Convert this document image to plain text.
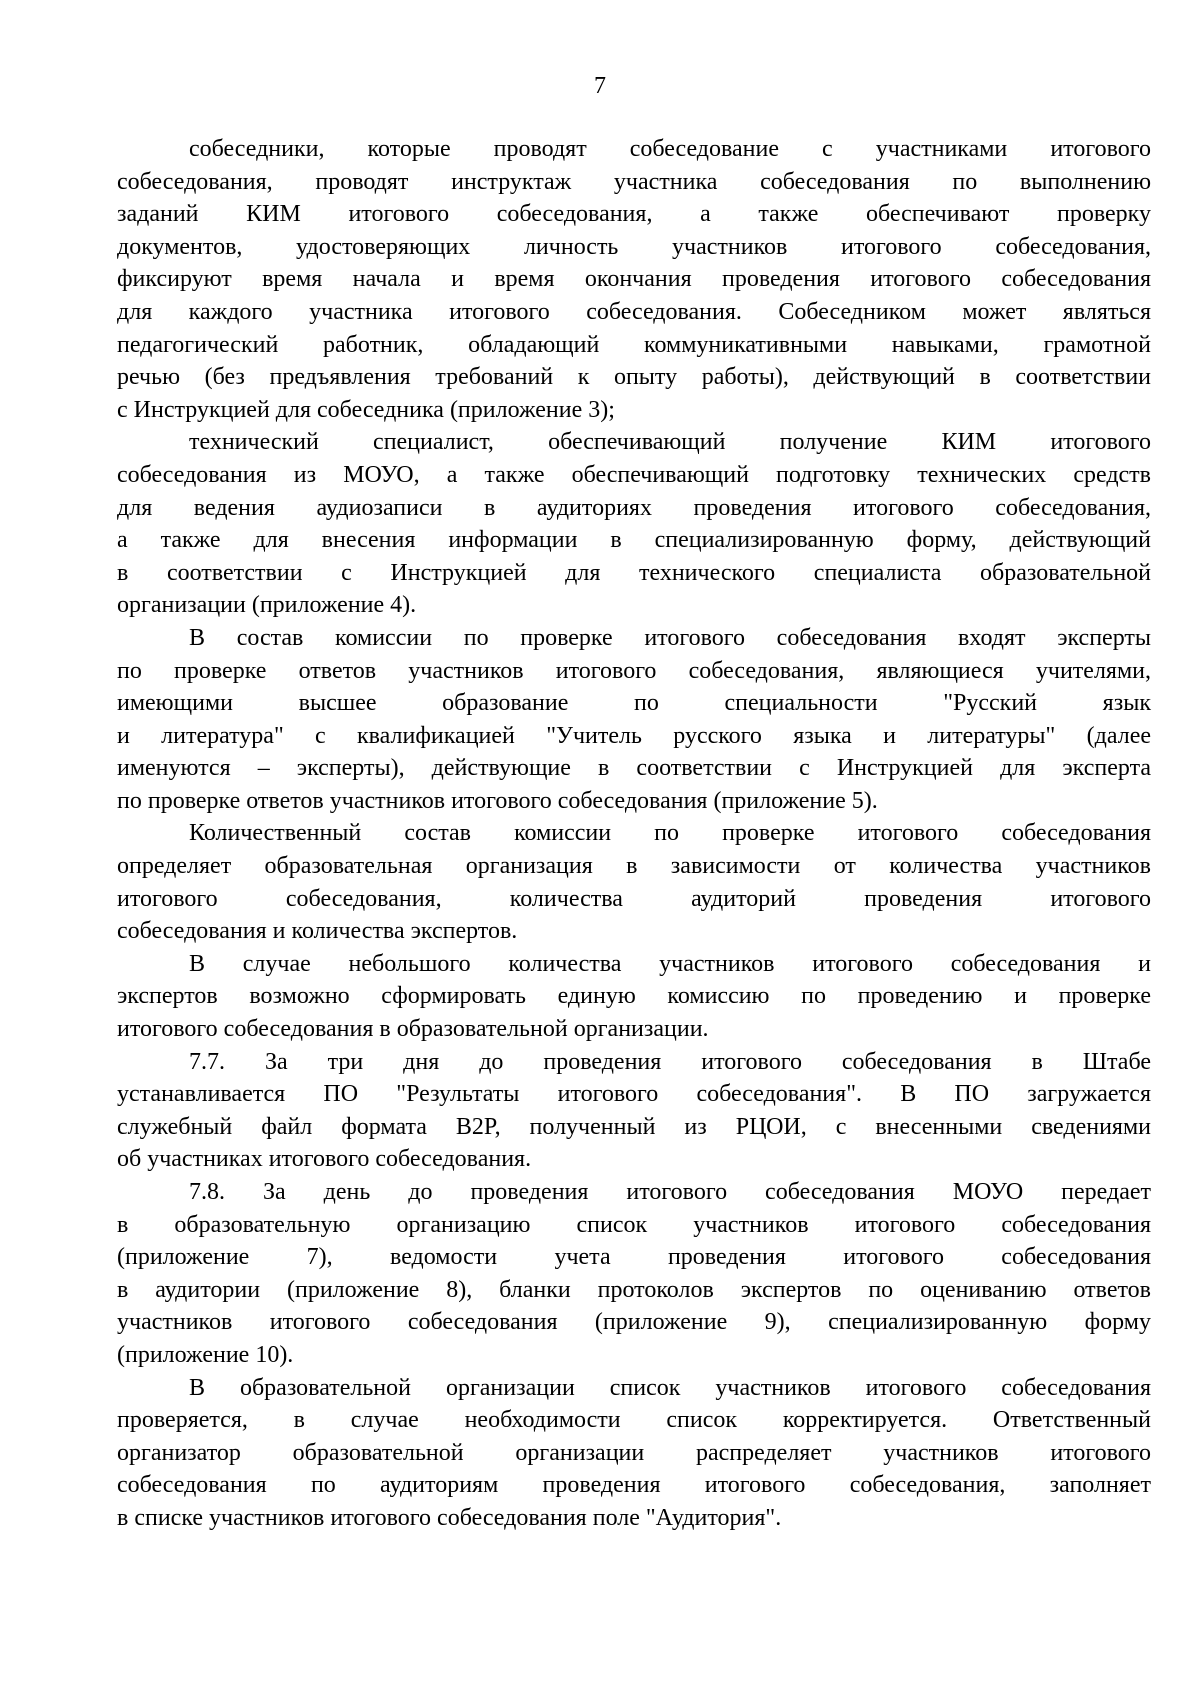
7
собеседники, которые проводят собеседование с участниками итогового
собеседования, проводят инструктаж участника собеседования по выполнению
заданий КИМ итогового собеседования, а также обеспечивают проверку
документов, удостоверяющих личность участников итогового собеседования,
фиксируют время начала и время окончания проведения итогового собеседования
для каждого участника итогового собеседования. Собеседником может являться
педагогический работник, обладающий коммуникативными навыками, грамотной
речью (без предъявления требований к опыту работы), действующий в соответствии
с Инструкцией для собеседника (приложение 3);
технический специалист, обеспечивающий получение КИМ итогового
собеседования из МОУО, а также обеспечивающий подготовку технических средств
для ведения аудиозаписи в аудиториях проведения итогового собеседования,
а также для внесения информации в специализированную форму, действующий
в соответствии с Инструкцией для технического специалиста образовательной
организации (приложение 4).
В состав комиссии по проверке итогового собеседования входят эксперты
по проверке ответов участников итогового собеседования, являющиеся учителями,
имеющими высшее образование по специальности "Русский язык
и литература" с квалификацией "Учитель русского языка и литературы" (далее
именуются – эксперты), действующие в соответствии с Инструкцией для эксперта
по проверке ответов участников итогового собеседования (приложение 5).
Количественный состав комиссии по проверке итогового собеседования
определяет образовательная организация в зависимости от количества участников
итогового собеседования, количества аудиторий проведения итогового
собеседования и количества экспертов.
В случае небольшого количества участников итогового собеседования и
экспертов возможно сформировать единую комиссию по проведению и проверке
итогового собеседования в образовательной организации.
7.7. За три дня до проведения итогового собеседования в Штабе
устанавливается ПО "Результаты итогового собеседования". В ПО загружается
служебный файл формата B2P, полученный из РЦОИ, с внесенными сведениями
об участниках итогового собеседования.
7.8. За день до проведения итогового собеседования МОУО передает
в образовательную организацию список участников итогового собеседования
(приложение 7), ведомости учета проведения итогового собеседования
в аудитории (приложение 8), бланки протоколов экспертов по оцениванию ответов
участников итогового собеседования (приложение 9), специализированную форму
(приложение 10).
В образовательной организации список участников итогового собеседования
проверяется, в случае необходимости список корректируется. Ответственный
организатор образовательной организации распределяет участников итогового
собеседования по аудиториям проведения итогового собеседования, заполняет
в списке участников итогового собеседования поле "Аудитория".
